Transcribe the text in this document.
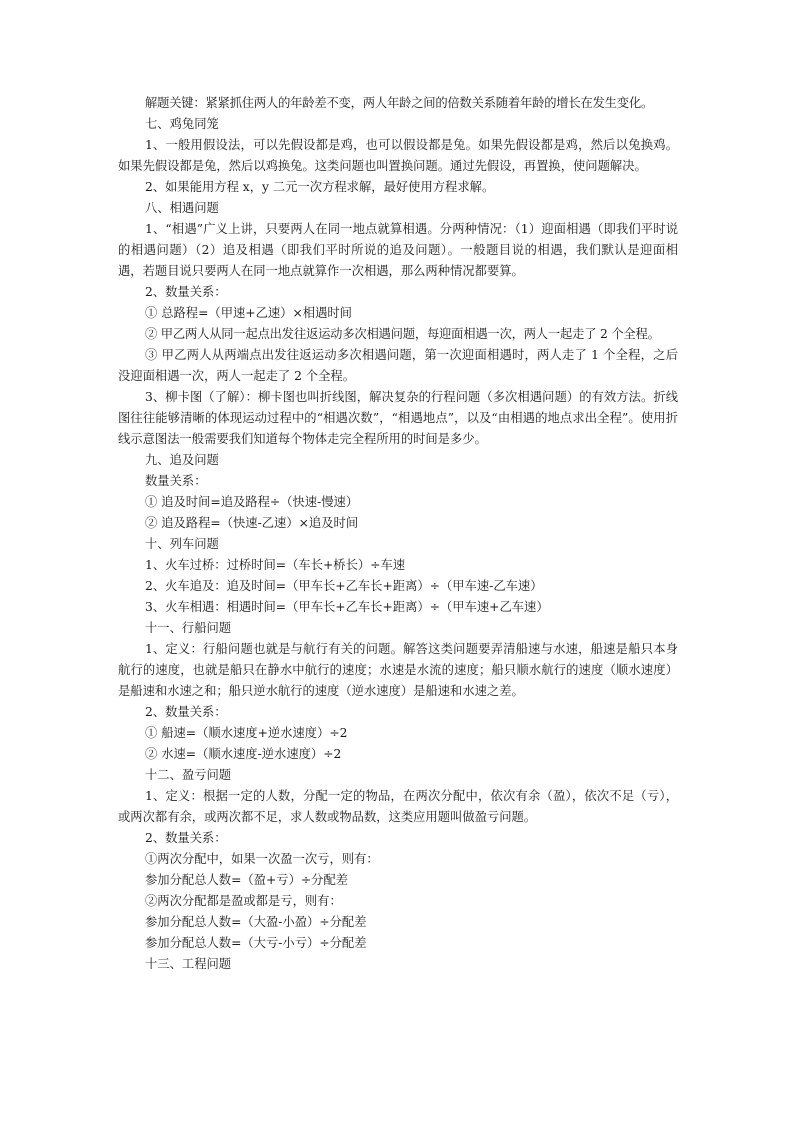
解题关键：紧紧抓住两人的年龄差不变，两人年龄之间的倍数关系随着年龄的增长在发生变化。

七、鸡兔同笼

1、一般用假设法，可以先假设都是鸡，也可以假设都是兔。如果先假设都是鸡，然后以兔换鸡。如果先假设都是兔，然后以鸡换兔。这类问题也叫置换问题。通过先假设，再置换，使问题解决。

2、如果能用方程 x，y 二元一次方程求解，最好使用方程求解。

八、相遇问题

1、“相遇”广义上讲，只要两人在同一地点就算相遇。分两种情况：（1）迎面相遇（即我们平时说的相遇问题）（2）追及相遇（即我们平时所说的追及问题）。一般题目说的相遇，我们默认是迎面相遇，若题目说只要两人在同一地点就算作一次相遇，那么两种情况都要算。

2、数量关系：

① 总路程=（甲速+乙速）×相遇时间

② 甲乙两人从同一起点出发往返运动多次相遇问题，每迎面相遇一次，两人一起走了 2 个全程。

③ 甲乙两人从两端点出发往返运动多次相遇问题，第一次迎面相遇时，两人走了 1 个全程，之后没迎面相遇一次，两人一起走了 2 个全程。

3、柳卡图（了解）：柳卡图也叫折线图，解决复杂的行程问题（多次相遇问题）的有效方法。折线图往往能够清晰的体现运动过程中的“相遇次数”，“相遇地点”，以及“由相遇的地点求出全程”。使用折线示意图法一般需要我们知道每个物体走完全程所用的时间是多少。

九、追及问题

数量关系：

① 追及时间=追及路程÷（快速-慢速）

② 追及路程=（快速-乙速）×追及时间

十、列车问题

1、火车过桥：过桥时间=（车长+桥长）÷车速

2、火车追及：追及时间=（甲车长+乙车长+距离）÷（甲车速-乙车速）

3、火车相遇：相遇时间=（甲车长+乙车长+距离）÷（甲车速+乙车速）

十一、行船问题

1、定义：行船问题也就是与航行有关的问题。解答这类问题要弄清船速与水速，船速是船只本身航行的速度，也就是船只在静水中航行的速度；水速是水流的速度；船只顺水航行的速度（顺水速度）是船速和水速之和；船只逆水航行的速度（逆水速度）是船速和水速之差。

2、数量关系：

① 船速=（顺水速度+逆水速度）÷2

② 水速=（顺水速度-逆水速度）÷2

十二、盈亏问题

1、定义：根据一定的人数，分配一定的物品，在两次分配中，依次有余（盈），依次不足（亏），或两次都有余，或两次都不足，求人数或物品数，这类应用题叫做盈亏问题。

2、数量关系：

①两次分配中，如果一次盈一次亏，则有：

参加分配总人数=（盈+亏）÷分配差

②两次分配都是盈或都是亏，则有：

参加分配总人数=（大盈-小盈）÷分配差

参加分配总人数=（大亏-小亏）÷分配差

十三、工程问题
